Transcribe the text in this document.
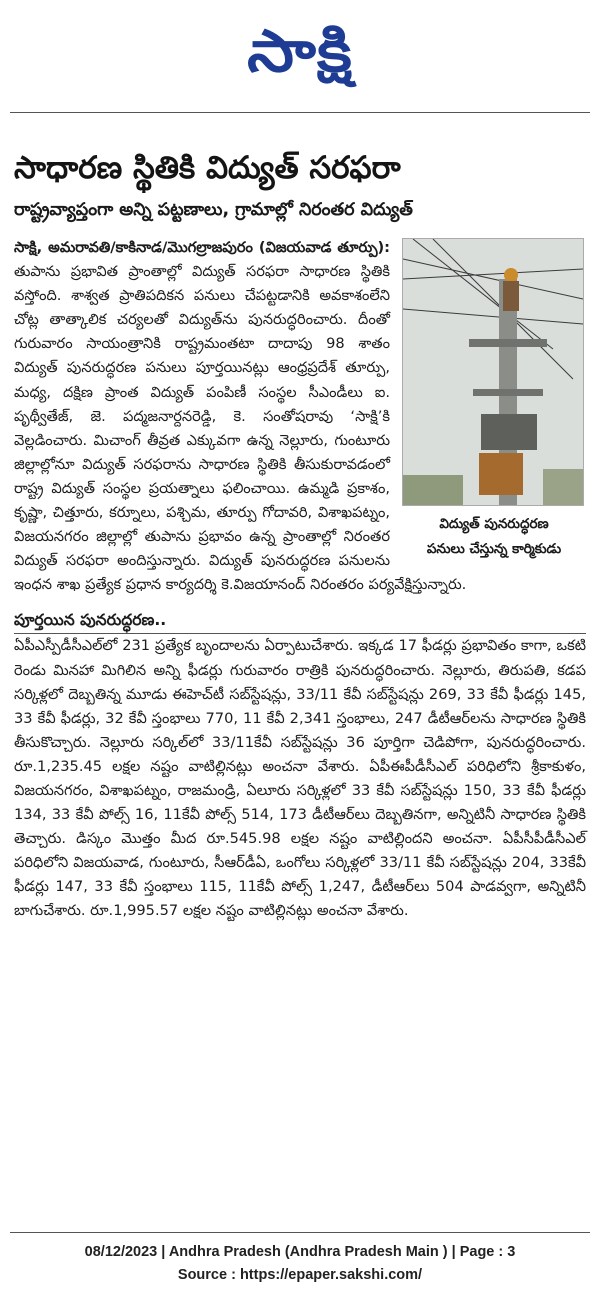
సాక్షి
సాధారణ స్థితికి విద్యుత్ సరఫరా
రాష్ట్రవ్యాప్తంగా అన్ని పట్టణాలు, గ్రామాల్లో నిరంతర విద్యుత్
విద్యుత్ పునరుద్ధరణ
పనులు చేస్తున్న కార్మికుడు

సాక్షి, అమరావతి/కాకినాడ/మొగల్రాజపురం (విజయవాడ తూర్పు): తుపాను ప్రభావిత ప్రాంతాల్లో విద్యుత్ సరఫరా సాధారణ స్థితికి వస్తోంది. శాశ్వత ప్రాతిపదికన పనులు చేపట్టడానికి అవకాశంలేని చోట్ల తాత్కాలిక చర్యలతో విద్యుత్‌ను పునరుద్ధరించారు. దీంతో గురువారం సాయంత్రానికి రాష్ట్రమంతటా దాదాపు 98 శాతం విద్యుత్ పునరుద్ధరణ పనులు పూర్తయినట్లు ఆంధ్రప్రదేశ్ తూర్పు, మధ్య, దక్షిణ ప్రాంత విద్యుత్ పంపిణీ సంస్థల సీఎండీలు ఐ. పృథ్వీతేజ్, జె. పద్మజనార్దనరెడ్డి, కె. సంతోషరావు ‘సాక్షి’కి వెల్లడించారు. మిచాంగ్ తీవ్రత ఎక్కువగా ఉన్న నెల్లూరు, గుంటూరు జిల్లాల్లోనూ విద్యుత్ సరఫరాను సాధారణ స్థితికి తీసుకురావడంలో రాష్ట్ర విద్యుత్ సంస్థల ప్రయత్నాలు ఫలించాయి. ఉమ్మడి ప్రకాశం, కృష్ణా, చిత్తూరు, కర్నూలు, పశ్చిమ, తూర్పు గోదావరి, విశాఖపట్నం, విజయనగరం జిల్లాల్లో తుపాను ప్రభావం ఉన్న ప్రాంతాల్లో నిరంతర విద్యుత్ సరఫరా అందిస్తున్నారు. విద్యుత్ పునరుద్ధరణ పనులను ఇంధన శాఖ ప్రత్యేక ప్రధాన కార్యదర్శి కె.విజయానంద్ నిరంతరం పర్యవేక్షిస్తున్నారు.

పూర్తయిన పునరుద్ధరణ..

ఏపీఎస్పీడీసీఎల్‌లో 231 ప్రత్యేక బృందాలను ఏర్పాటుచేశారు. ఇక్కడ 17 ఫీడర్లు ప్రభావితం కాగా, ఒకటి రెండు మినహా మిగిలిన అన్ని ఫీడర్లు గురువారం రాత్రికి పునరుద్ధరించారు. నెల్లూరు, తిరుపతి, కడప సర్కిళ్లలో దెబ్బతిన్న మూడు ఈహెచ్‌టీ సబ్‌స్టేషన్లు, 33/11 కేవీ సబ్‌స్టేషన్లు 269, 33 కేవీ ఫీడర్లు 145, 33 కేవీ ఫీడర్లు, 32 కేవీ స్తంభాలు 770, 11 కేవీ 2,341 స్తంభాలు, 247 డీటీఆర్‌లను సాధారణ స్థితికి తీసుకొచ్చారు. నెల్లూరు సర్కిల్‌లో 33/11కేవీ సబ్‌స్టేషన్లు 36 పూర్తిగా చెడిపోగా, పునరుద్ధరించారు. రూ.1,235.45 లక్షల నష్టం వాటిల్లినట్లు అంచనా వేశారు. ఏపీఈపీడీసీఎల్ పరిధిలోని శ్రీకాకుళం, విజయనగరం, విశాఖపట్నం, రాజమండ్రి, ఏలూరు సర్కిళ్లలో 33 కేవీ సబ్‌స్టేషన్లు 150, 33 కేవీ ఫీడర్లు 134, 33 కేవీ పోల్స్ 16, 11కేవీ పోల్స్ 514, 173 డీటీఆర్‌లు దెబ్బతినగా, అన్నిటినీ సాధారణ స్థితికి తెచ్చారు. డిస్కం మొత్తం మీద రూ.545.98 లక్షల నష్టం వాటిల్లిందని అంచనా. ఏపీసీపీడీసీఎల్ పరిధిలోని విజయవాడ, గుంటూరు, సీఆర్‌డీఏ, ఒంగోలు సర్కిళ్లలో 33/11 కేవీ సబ్‌స్టేషన్లు 204, 33కేవీ ఫీడర్లు 147, 33 కేవీ స్తంభాలు 115, 11కేవీ పోల్స్ 1,247, డీటీఆర్‌లు 504 పాడవ్వగా, అన్నిటినీ బాగుచేశారు. రూ.1,995.57 లక్షల నష్టం వాటిల్లినట్లు అంచనా వేశారు.

08/12/2023 | Andhra Pradesh (Andhra Pradesh Main ) | Page : 3
Source : https://epaper.sakshi.com/
